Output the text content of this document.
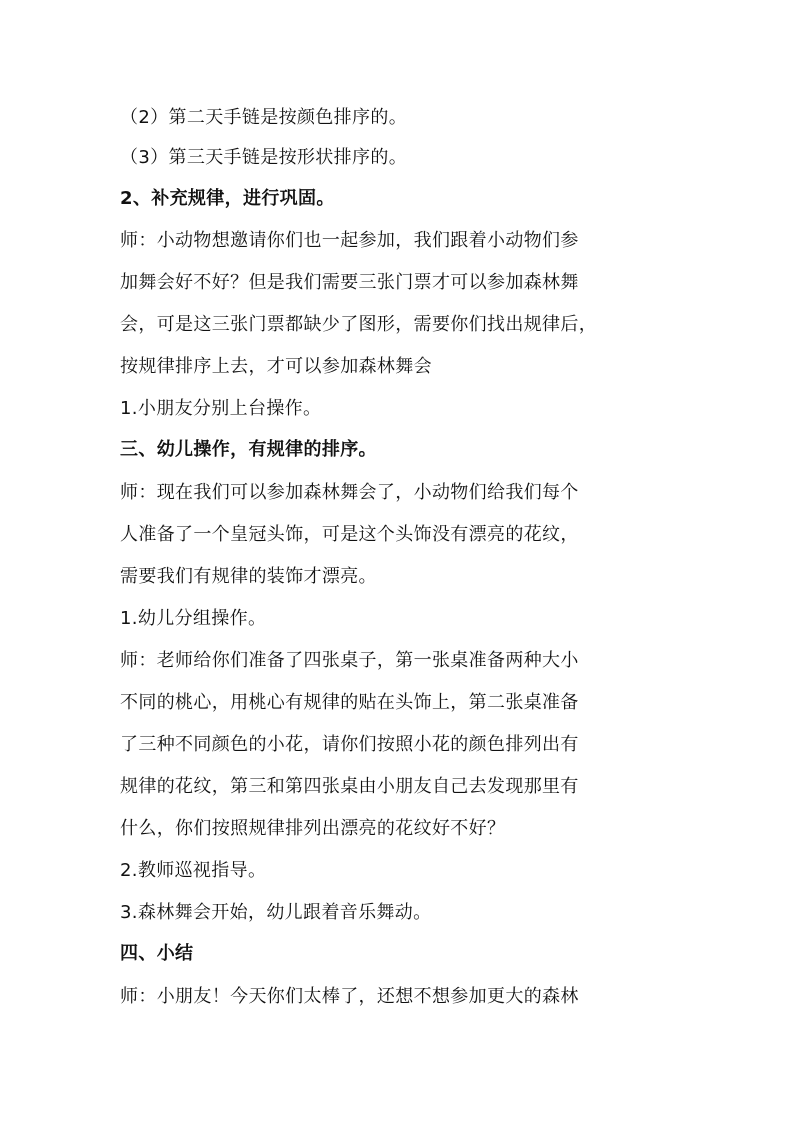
（2）第二天手链是按颜色排序的。
（3）第三天手链是按形状排序的。
2、补充规律，进行巩固。
师：小动物想邀请你们也一起参加，我们跟着小动物们参
加舞会好不好？但是我们需要三张门票才可以参加森林舞
会，可是这三张门票都缺少了图形，需要你们找出规律后，
按规律排序上去，才可以参加森林舞会
1.小朋友分别上台操作。
三、幼儿操作，有规律的排序。
师：现在我们可以参加森林舞会了，小动物们给我们每个
人准备了一个皇冠头饰，可是这个头饰没有漂亮的花纹，
需要我们有规律的装饰才漂亮。
1.幼儿分组操作。
师：老师给你们准备了四张桌子，第一张桌准备两种大小
不同的桃心，用桃心有规律的贴在头饰上，第二张桌准备
了三种不同颜色的小花，请你们按照小花的颜色排列出有
规律的花纹，第三和第四张桌由小朋友自己去发现那里有
什么，你们按照规律排列出漂亮的花纹好不好？
2.教师巡视指导。
3.森林舞会开始，幼儿跟着音乐舞动。
四、小结
师：小朋友！今天你们太棒了，还想不想参加更大的森林
